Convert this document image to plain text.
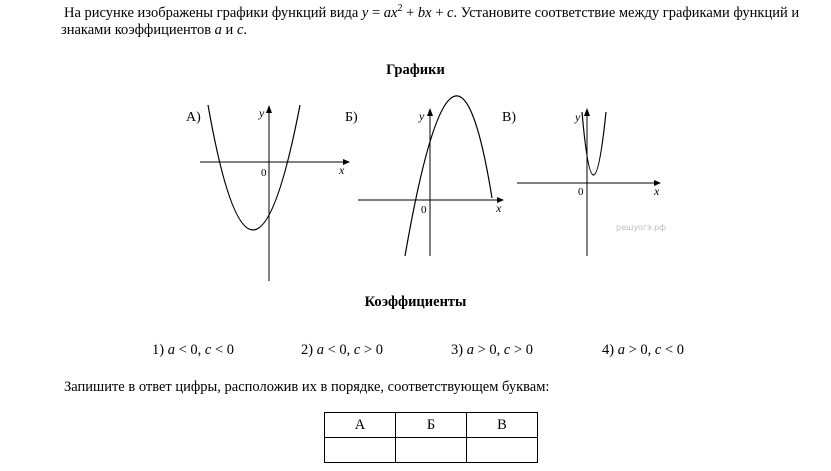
На рисунке изображены графики функций вида $y = ax^2$ + bx + c. Установите соответствие между графиками функций и
знаками коэффициентов a и c.

Графики
А)	y
x
0
Б)	y
x
0
В)	y
x
0
решуогэ.рф
Коэффициенты
1) a < 0, c < 0	2) a < 0, c > 0	3) a > 0, c > 0	4) a > 0, c < 0
Запишите в ответ цифры, расположив их в порядке, соответствующем буквам:
А	Б	В
